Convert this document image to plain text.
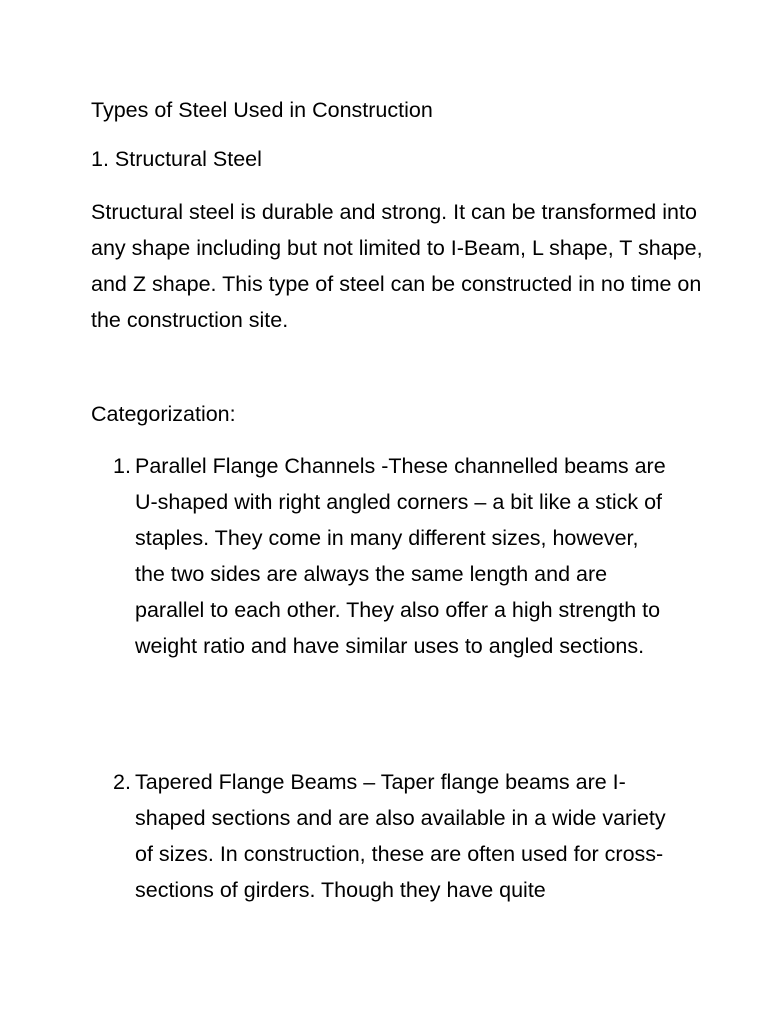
Types of Steel Used in Construction
1. Structural Steel
Structural steel is durable and strong. It can be transformed into any shape including but not limited to I-Beam, L shape, T shape, and Z shape. This type of steel can be constructed in no time on the construction site.
Categorization:
1. Parallel Flange Channels -These channelled beams are U-shaped with right angled corners – a bit like a stick of staples. They come in many different sizes, however, the two sides are always the same length and are parallel to each other. They also offer a high strength to weight ratio and have similar uses to angled sections.
2. Tapered Flange Beams – Taper flange beams are I-shaped sections and are also available in a wide variety of sizes. In construction, these are often used for cross-sections of girders. Though they have quite
